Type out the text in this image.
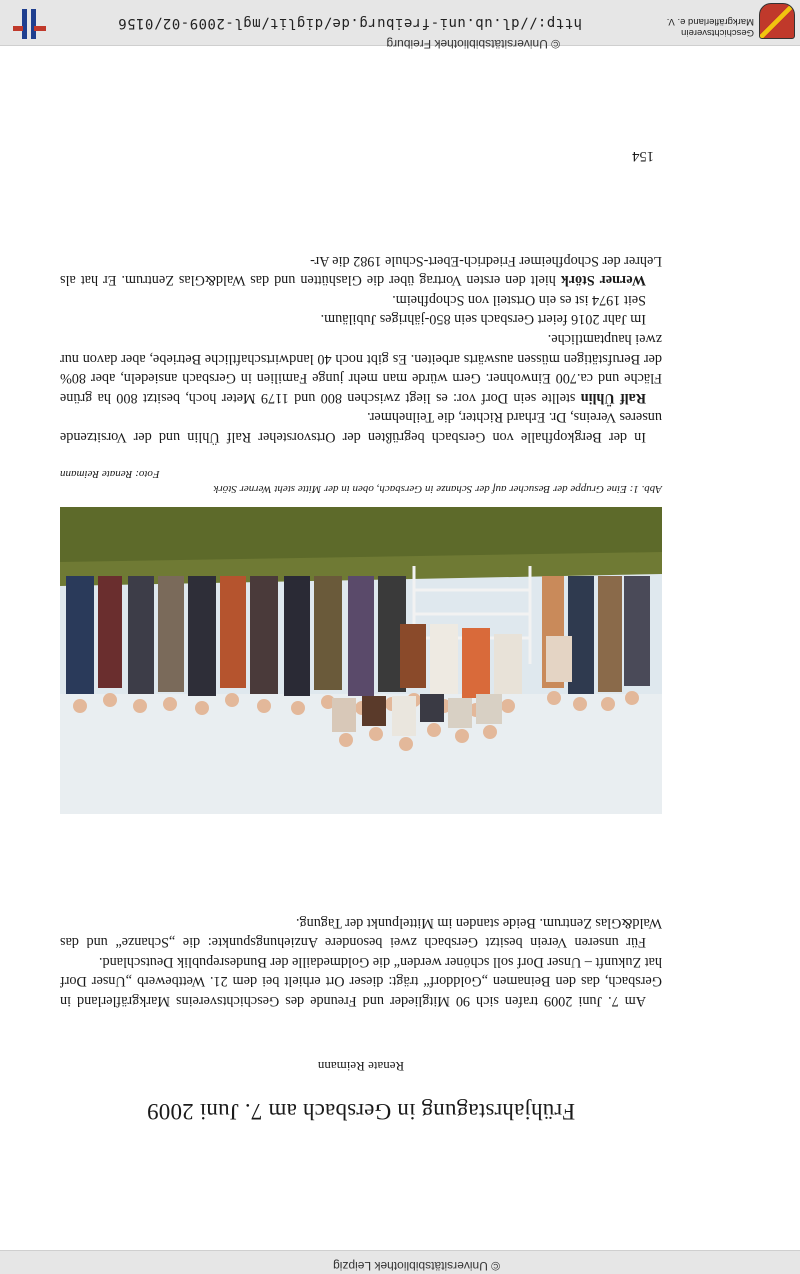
© Universitätsbibliothek Leipzig
Frühjahrstagung in Gersbach am 7. Juni 2009
Renate Reimann

Am 7. Juni 2009 trafen sich 90 Mitglieder und Freunde des Geschichtsvereins Markgräflerland in Gersbach, das den Beinamen „Golddorf“ trägt: dieser Ort erhielt bei dem 21. Wettbewerb „Unser Dorf hat Zukunft – Unser Dorf soll schöner werden“ die Goldmedaille der Bundesrepublik Deutschland.

Für unseren Verein besitzt Gersbach zwei besondere Anziehungspunkte: die „Schanze“ und das Wald&Glas Zentrum. Beide standen im Mittelpunkt der Tagung.

Abb. 1: Eine Gruppe der Besucher auf der Schanze in Gersbach, oben in der Mitte steht Werner Störk
Foto: Renate Reimann

In der Bergkopfhalle von Gersbach begrüßten der Ortsvorsteher Ralf Ühlin und der Vorsitzende unseres Vereins, Dr. Erhard Richter, die Teilnehmer.

Ralf Ühlin stellte sein Dorf vor: es liegt zwischen 800 und 1179 Meter hoch, besitzt 800 ha grüne Fläche und ca.700 Einwohner. Gern würde man mehr junge Familien in Gersbach ansiedeln, aber 80% der Berufstätigen müssen auswärts arbeiten. Es gibt noch 40 landwirtschaftliche Betriebe, aber davon nur zwei hauptamtliche.

Im Jahr 2016 feiert Gersbach sein 850-jähriges Jubiläum.

Seit 1974 ist es ein Ortsteil von Schopfheim.

Werner Störk hielt den ersten Vortrag über die Glashütten und das Wald&Glas Zentrum. Er hat als Lehrer der Schopfheimer Friedrich-Ebert-Schule 1982 die Ar-

154
Geschichtsverein
Markgräflerland e. V.
© Universitätsbibliothek Freiburg
http://dl.ub.uni-freiburg.de/diglit/mgl-2009-02/0156
